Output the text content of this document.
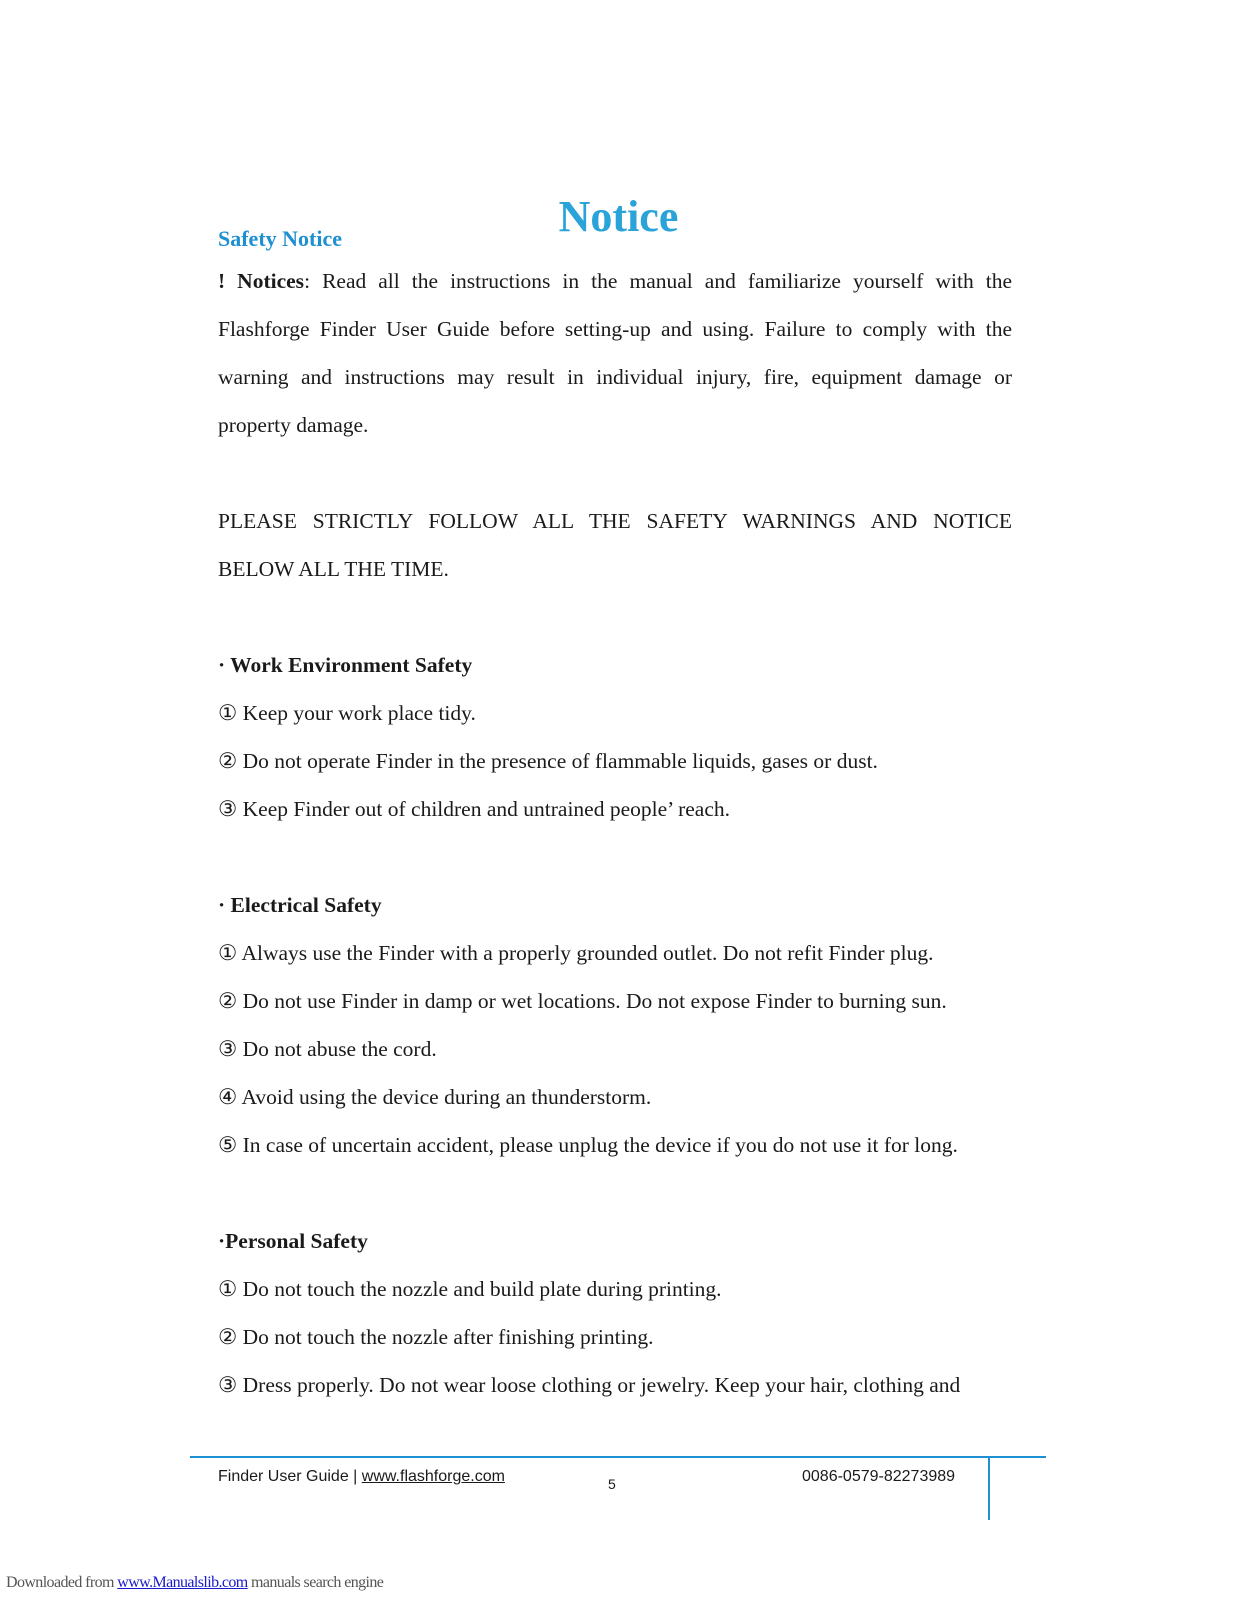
Notice
Safety Notice
! Notices: Read all the instructions in the manual and familiarize yourself with the
Flashforge Finder User Guide before setting-up and using. Failure to comply with the
warning and instructions may result in individual injury, fire, equipment damage or
property damage.
PLEASE STRICTLY FOLLOW ALL THE SAFETY WARNINGS AND NOTICE
BELOW ALL THE TIME.
· Work Environment Safety
① Keep your work place tidy.
② Do not operate Finder in the presence of flammable liquids, gases or dust.
③ Keep Finder out of children and untrained people’ reach.
· Electrical Safety
① Always use the Finder with a properly grounded outlet. Do not refit Finder plug.
② Do not use Finder in damp or wet locations. Do not expose Finder to burning sun.
③ Do not abuse the cord.
④ Avoid using the device during an thunderstorm.
⑤ In case of uncertain accident, please unplug the device if you do not use it for long.
·Personal Safety
① Do not touch the nozzle and build plate during printing.
② Do not touch the nozzle after finishing printing.
③ Dress properly. Do not wear loose clothing or jewelry. Keep your hair, clothing and
Finder User Guide | www.flashforge.com	5	0086-0579-82273989
Downloaded from www.Manualslib.com manuals search engine
